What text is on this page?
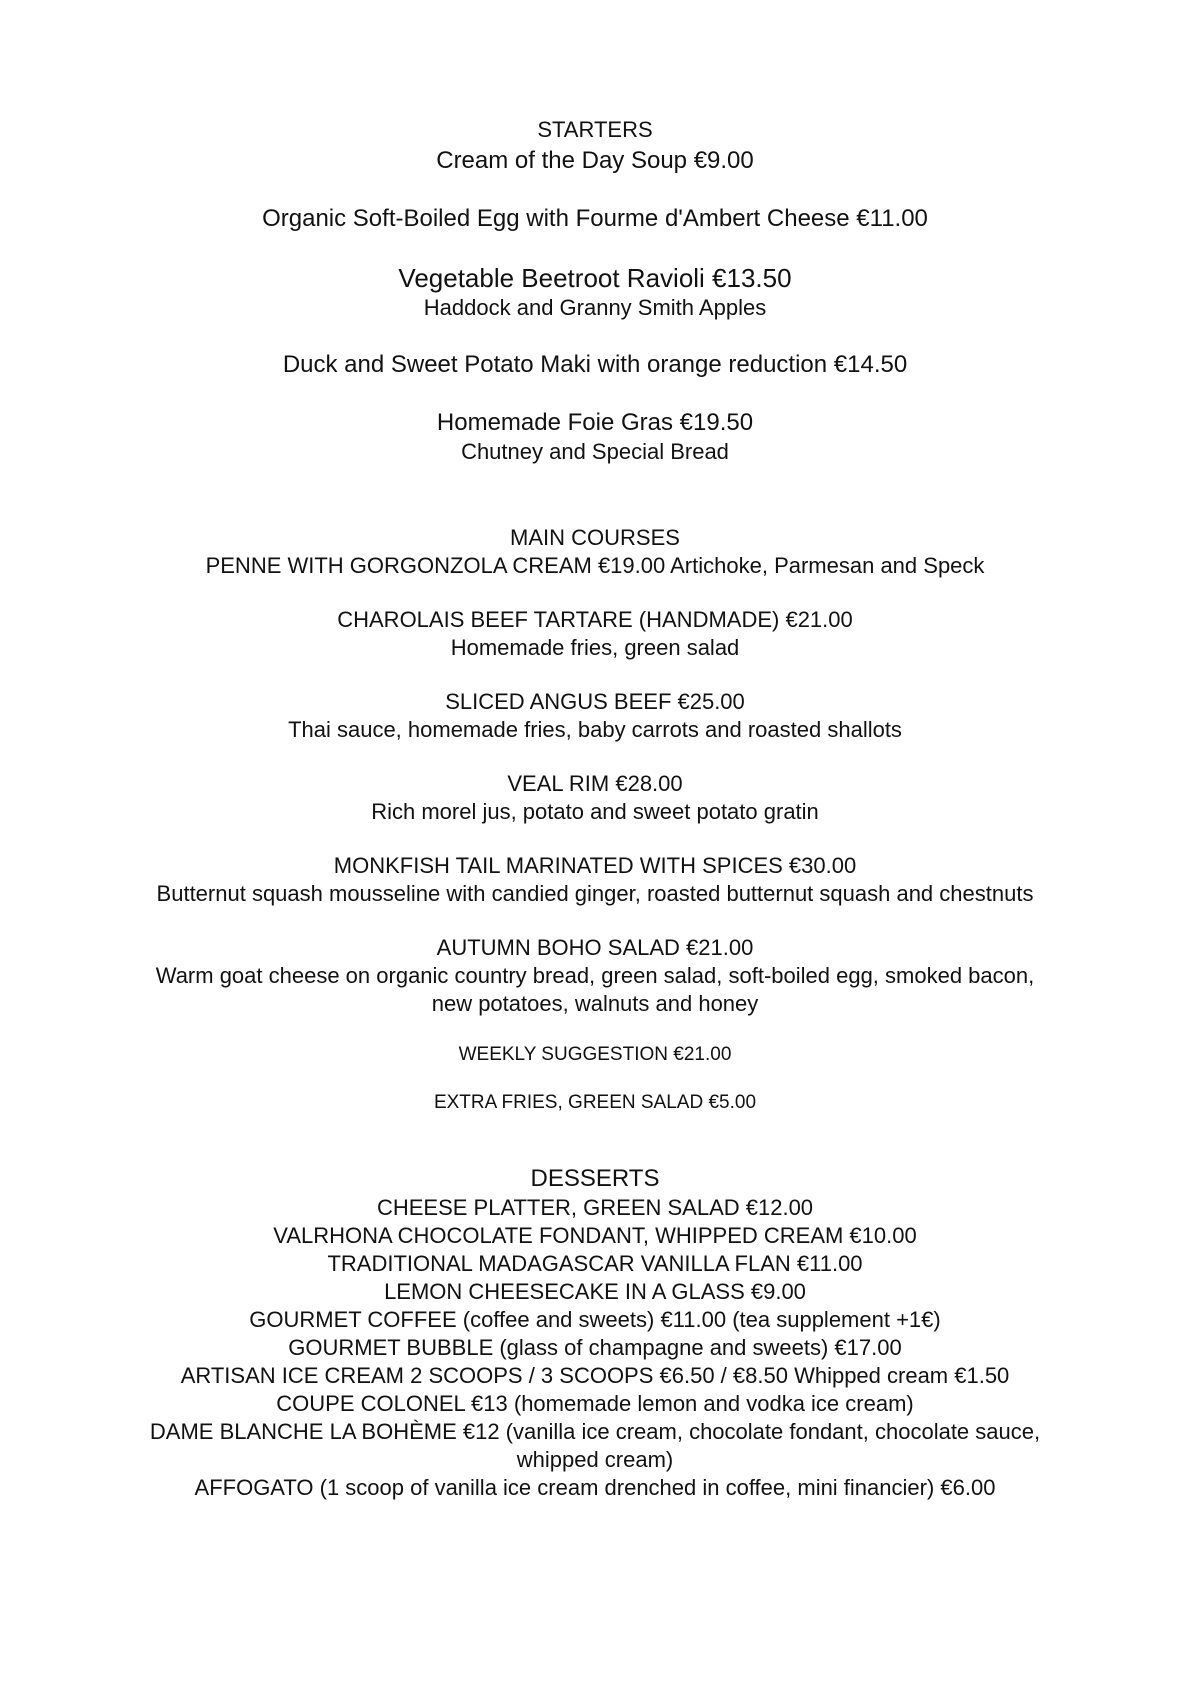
STARTERS

Cream of the Day Soup €9.00

Organic Soft-Boiled Egg with Fourme d'Ambert Cheese €11.00

Vegetable Beetroot Ravioli €13.50

Haddock and Granny Smith Apples

Duck and Sweet Potato Maki with orange reduction €14.50

Homemade Foie Gras €19.50

Chutney and Special Bread

MAIN COURSES

PENNE WITH GORGONZOLA CREAM €19.00 Artichoke, Parmesan and Speck

CHAROLAIS BEEF TARTARE (HANDMADE) €21.00

Homemade fries, green salad

SLICED ANGUS BEEF €25.00

Thai sauce, homemade fries, baby carrots and roasted shallots

VEAL RIM €28.00

Rich morel jus, potato and sweet potato gratin

MONKFISH TAIL MARINATED WITH SPICES €30.00

Butternut squash mousseline with candied ginger, roasted butternut squash and chestnuts

AUTUMN BOHO SALAD €21.00

Warm goat cheese on organic country bread, green salad, soft-boiled egg, smoked bacon, new potatoes, walnuts and honey

WEEKLY SUGGESTION €21.00

EXTRA FRIES, GREEN SALAD €5.00

DESSERTS

CHEESE PLATTER, GREEN SALAD €12.00

VALRHONA CHOCOLATE FONDANT, WHIPPED CREAM €10.00

TRADITIONAL MADAGASCAR VANILLA FLAN €11.00

LEMON CHEESECAKE IN A GLASS €9.00

GOURMET COFFEE (coffee and sweets) €11.00 (tea supplement +1€)

GOURMET BUBBLE (glass of champagne and sweets) €17.00

ARTISAN ICE CREAM 2 SCOOPS / 3 SCOOPS €6.50 / €8.50 Whipped cream €1.50

COUPE COLONEL €13 (homemade lemon and vodka ice cream)

DAME BLANCHE LA BOHÈME €12 (vanilla ice cream, chocolate fondant, chocolate sauce, whipped cream)

AFFOGATO (1 scoop of vanilla ice cream drenched in coffee, mini financier) €6.00
